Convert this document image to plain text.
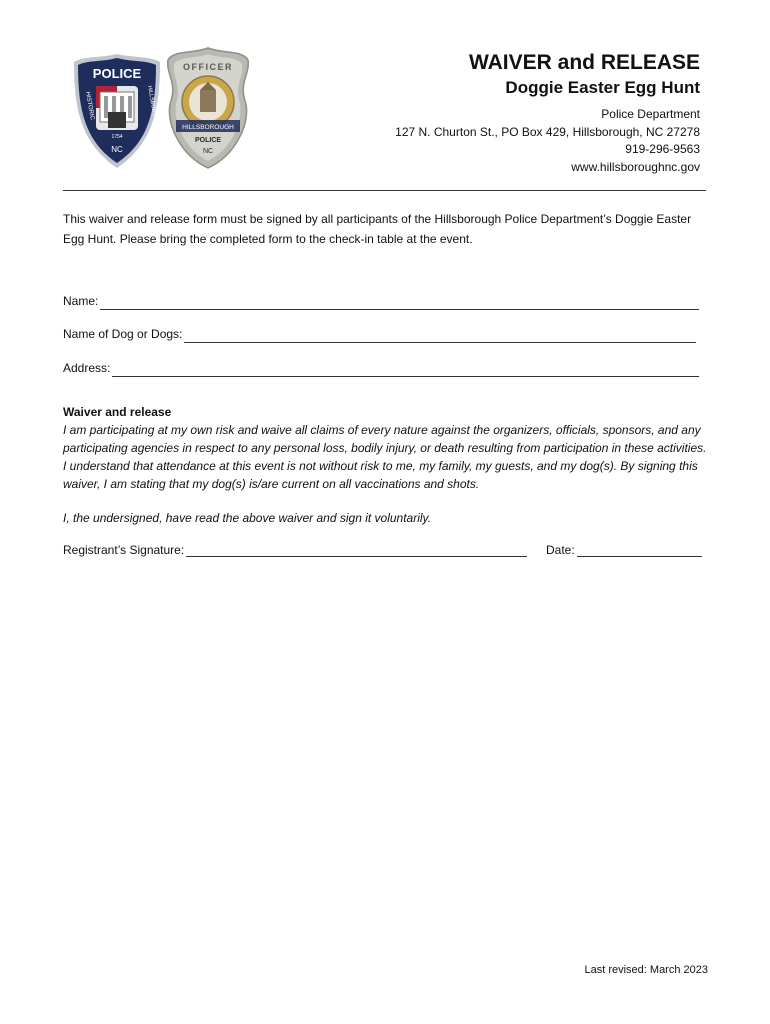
POLICE
HISTORIC	HILLSBOROUGH
1754
NC
OFFICER
HILLSBOROUGH
POLICE
NC
WAIVER and RELEASE
Doggie Easter Egg Hunt
Police Department
127 N. Churton St., PO Box 429, Hillsborough, NC 27278
919-296-9563
www.hillsboroughnc.gov
This waiver and release form must be signed by all participants of the Hillsborough Police Department’s Doggie Easter Egg Hunt. Please bring the completed form to the check-in table at the event.
Name:
Name of Dog or Dogs:
Address:
Waiver and release
I am participating at my own risk and waive all claims of every nature against the organizers, officials, sponsors, and any participating agencies in respect to any personal loss, bodily injury, or death resulting from participation in these activities. I understand that attendance at this event is not without risk to me, my family, my guests, and my dog(s). By signing this waiver, I am stating that my dog(s) is/are current on all vaccinations and shots.
I, the undersigned, have read the above waiver and sign it voluntarily.
Registrant’s Signature:	Date:
Last revised: March 2023
